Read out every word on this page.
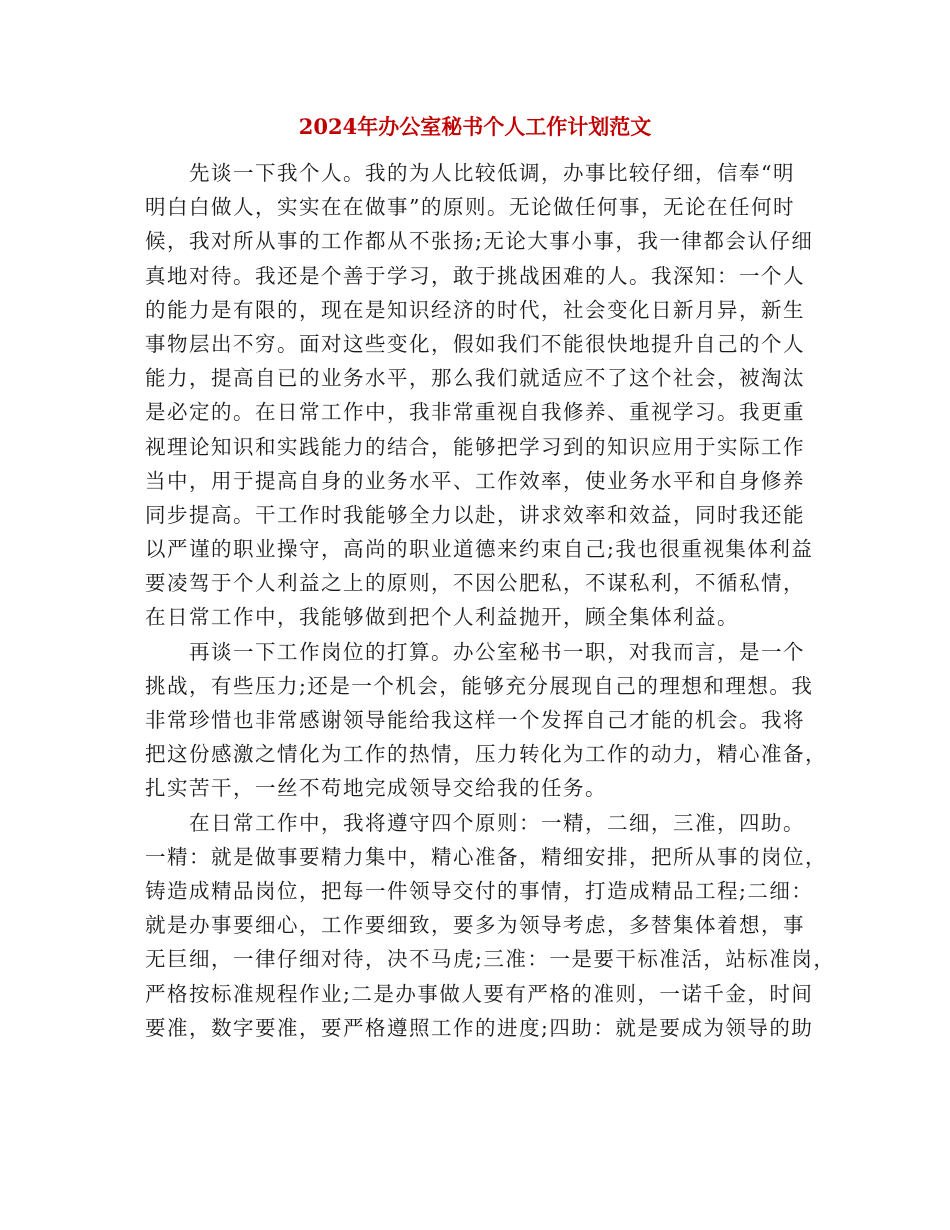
2024年办公室秘书个人工作计划范文
　　先谈一下我个人。我的为人比较低调，办事比较仔细，信奉“明
明白白做人，实实在在做事”的原则。无论做任何事，无论在任何时
候，我对所从事的工作都从不张扬;无论大事小事，我一律都会认仔细
真地对待。我还是个善于学习，敢于挑战困难的人。我深知：一个人
的能力是有限的，现在是知识经济的时代，社会变化日新月异，新生
事物层出不穷。面对这些变化，假如我们不能很快地提升自己的个人
能力，提高自已的业务水平，那么我们就适应不了这个社会，被淘汰
是必定的。在日常工作中，我非常重视自我修养、重视学习。我更重
视理论知识和实践能力的结合，能够把学习到的知识应用于实际工作
当中，用于提高自身的业务水平、工作效率，使业务水平和自身修养
同步提高。干工作时我能够全力以赴，讲求效率和效益，同时我还能
以严谨的职业操守，高尚的职业道德来约束自己;我也很重视集体利益
要凌驾于个人利益之上的原则，不因公肥私，不谋私利，不循私情，
在日常工作中，我能够做到把个人利益抛开，顾全集体利益。
　　再谈一下工作岗位的打算。办公室秘书一职，对我而言，是一个
挑战，有些压力;还是一个机会，能够充分展现自己的理想和理想。我
非常珍惜也非常感谢领导能给我这样一个发挥自己才能的机会。我将
把这份感激之情化为工作的热情，压力转化为工作的动力，精心准备，
扎实苦干，一丝不苟地完成领导交给我的任务。
　　在日常工作中，我将遵守四个原则：一精，二细，三准，四助。
一精：就是做事要精力集中，精心准备，精细安排，把所从事的岗位，
铸造成精品岗位，把每一件领导交付的事情，打造成精品工程;二细：
就是办事要细心，工作要细致，要多为领导考虑，多替集体着想，事
无巨细，一律仔细对待，决不马虎;三准：一是要干标准活，站标准岗，
严格按标准规程作业;二是办事做人要有严格的准则，一诺千金，时间
要准，数字要准，要严格遵照工作的进度;四助：就是要成为领导的助
